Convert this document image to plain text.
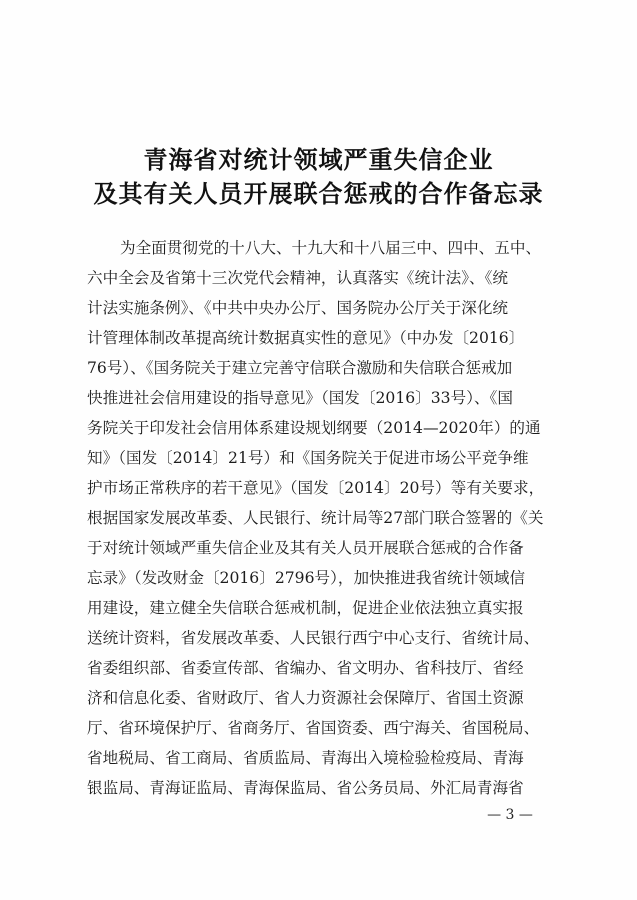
青海省对统计领域严重失信企业
及其有关人员开展联合惩戒的合作备忘录
为全面贯彻党的十八大、十九大和十八届三中、四中、五中、
六中全会及省第十三次党代会精神，认真落实《统计法》、《统
计法实施条例》、《中共中央办公厅、国务院办公厅关于深化统
计管理体制改革提高统计数据真实性的意见》（中办发〔2016〕
76号）、《国务院关于建立完善守信联合激励和失信联合惩戒加
快推进社会信用建设的指导意见》（国发〔2016〕33号）、《国
务院关于印发社会信用体系建设规划纲要（2014—2020年）的通
知》（国发〔2014〕21号）和《国务院关于促进市场公平竞争维
护市场正常秩序的若干意见》（国发〔2014〕20号）等有关要求，
根据国家发展改革委、人民银行、统计局等27部门联合签署的《关
于对统计领域严重失信企业及其有关人员开展联合惩戒的合作备
忘录》（发改财金〔2016〕2796号），加快推进我省统计领域信
用建设，建立健全失信联合惩戒机制，促进企业依法独立真实报
送统计资料，省发展改革委、人民银行西宁中心支行、省统计局、
省委组织部、省委宣传部、省编办、省文明办、省科技厅、省经
济和信息化委、省财政厅、省人力资源社会保障厅、省国土资源
厅、省环境保护厅、省商务厅、省国资委、西宁海关、省国税局、
省地税局、省工商局、省质监局、青海出入境检验检疫局、青海
银监局、青海证监局、青海保监局、省公务员局、外汇局青海省
— 3 —
